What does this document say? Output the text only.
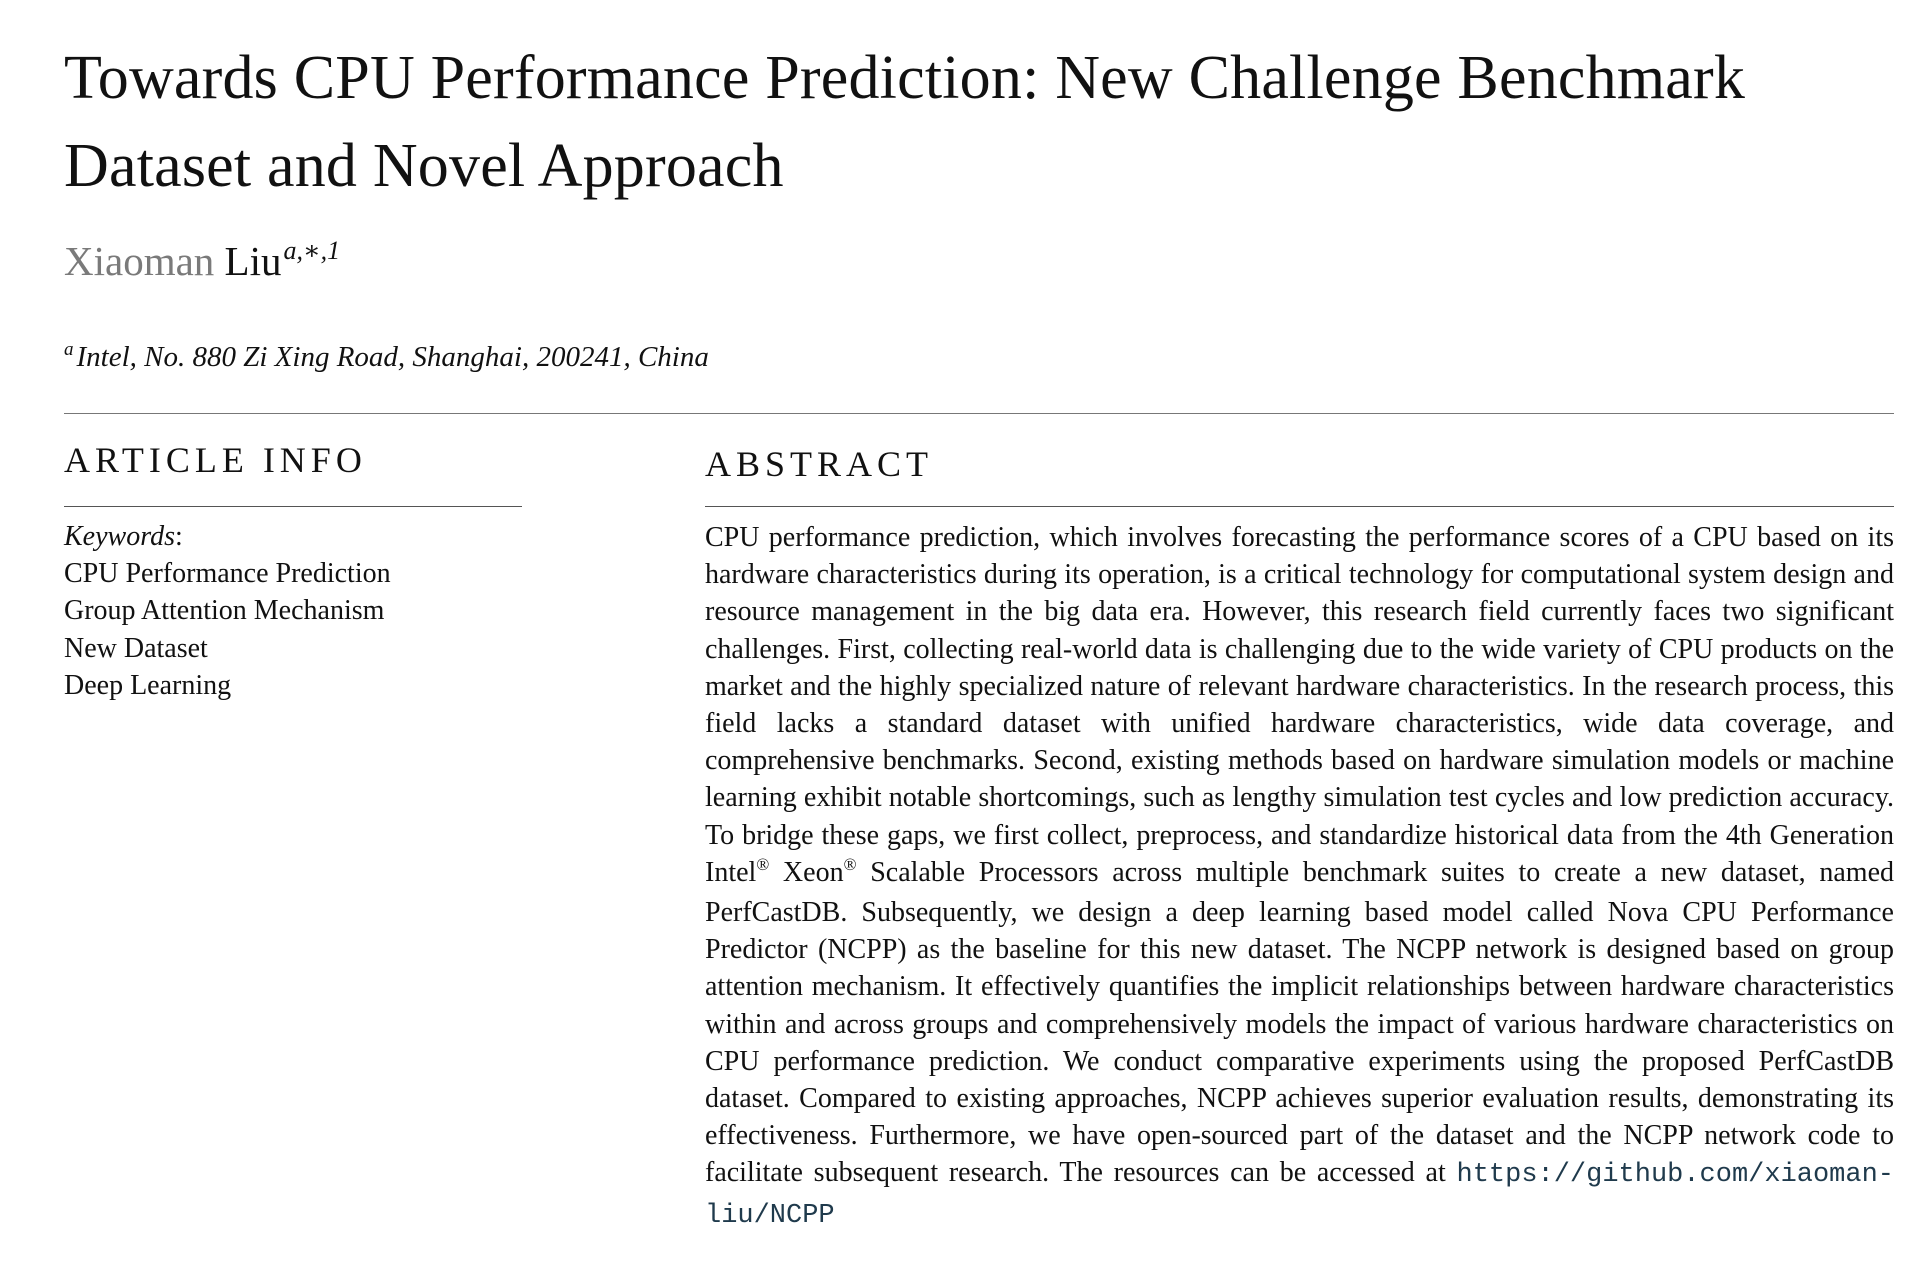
Towards CPU Performance Prediction: New Challenge Benchmark Dataset and Novel Approach
Xiaoman Liu$^{a,∗,1}$
$^a$ Intel, No. 880 Zi Xing Road, Shanghai, 200241, China
ARTICLE INFO	ABSTRACT
Keywords:
CPU Performance Prediction
Group Attention Mechanism
New Dataset
Deep Learning

CPU performance prediction, which involves forecasting the performance scores of a CPU based on its hardware characteristics during its operation, is a critical technology for computational system design and resource management in the big data era. However, this research field currently faces two significant challenges. First, collecting real-world data is challenging due to the wide variety of CPU products on the market and the highly specialized nature of relevant hardware characteristics. In the research process, this field lacks a standard dataset with unified hardware characteristics, wide data coverage, and comprehensive benchmarks. Second, existing methods based on hardware simulation models or machine learning exhibit notable shortcomings, such as lengthy simulation test cycles and low prediction accuracy. To bridge these gaps, we first collect, preprocess, and standardize historical data from the 4th Generation Intel® Xeon® Scalable Processors across multiple benchmark suites to create a new dataset, named PerfCastDB. Subsequently, we design a deep learning based model called Nova CPU Performance Predictor (NCPP) as the baseline for this new dataset. The NCPP network is designed based on group attention mechanism. It effectively quantifies the implicit relationships between hardware characteristics within and across groups and comprehensively models the impact of various hardware characteristics on CPU performance prediction. We conduct comparative experiments using the proposed PerfCastDB dataset. Compared to existing approaches, NCPP achieves superior evaluation results, demonstrating its effectiveness. Furthermore, we have open-sourced part of the dataset and the NCPP network code to facilitate subsequent research. The resources can be accessed at https://github.com/xiaoman-liu/NCPP
